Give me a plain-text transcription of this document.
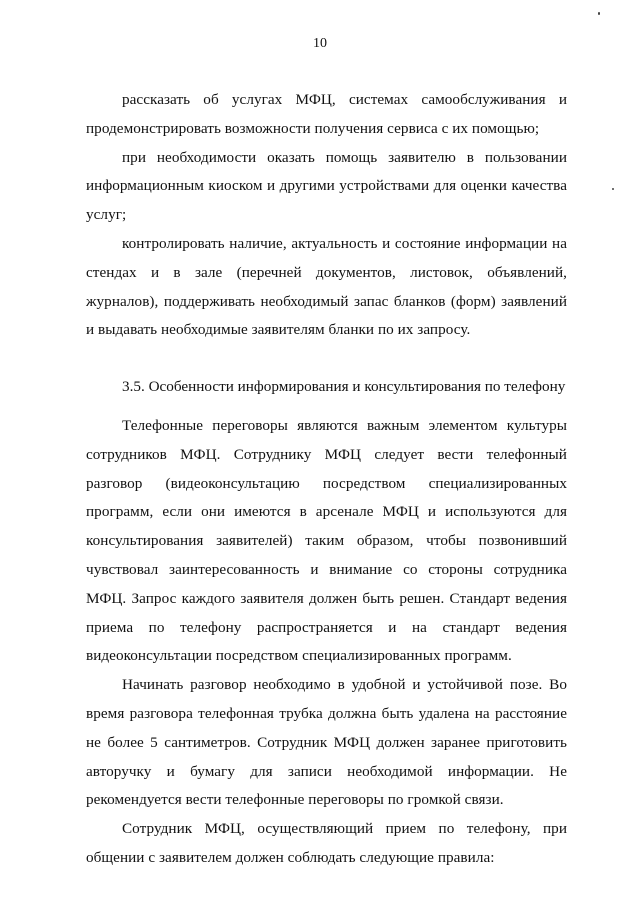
10

рассказать об услугах МФЦ, системах самообслуживания и продемонстрировать возможности получения сервиса с их помощью;

при необходимости оказать помощь заявителю в пользовании информационным киоском и другими устройствами для оценки качества услуг;

контролировать наличие, актуальность и состояние информации на стендах и в зале (перечней документов, листовок, объявлений, журналов), поддерживать необходимый запас бланков (форм) заявлений и выдавать необходимые заявителям бланки по их запросу.

3.5. Особенности информирования и консультирования по телефону

Телефонные переговоры являются важным элементом культуры сотрудников МФЦ. Сотруднику МФЦ следует вести телефонный разговор (видеоконсультацию посредством специализированных программ, если они имеются в арсенале МФЦ и используются для консультирования заявителей) таким образом, чтобы позвонивший чувствовал заинтересованность и внимание со стороны сотрудника МФЦ. Запрос каждого заявителя должен быть решен. Стандарт ведения приема по телефону распространяется и на стандарт ведения видеоконсультации посредством специализированных программ.

Начинать разговор необходимо в удобной и устойчивой позе. Во время разговора телефонная трубка должна быть удалена на расстояние не более 5 сантиметров. Сотрудник МФЦ должен заранее приготовить авторучку и бумагу для записи необходимой информации. Не рекомендуется вести телефонные переговоры по громкой связи.

Сотрудник МФЦ, осуществляющий прием по телефону, при общении с заявителем должен соблюдать следующие правила:
